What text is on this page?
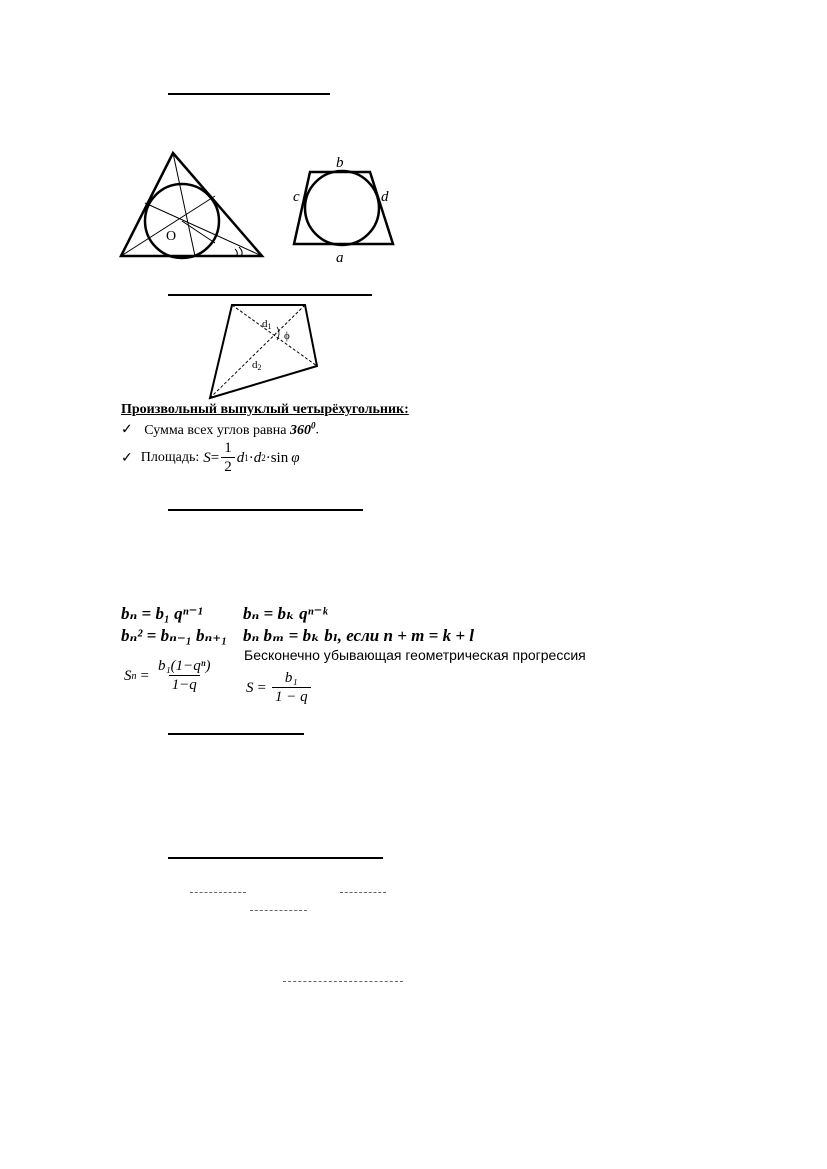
O
b
c	d
a
d1
d2
ϕ
Произвольный выпуклый четырёхугольник:
✓ Сумма всех углов равна $360^0$.
✓ Площадь: $S = \frac{1}{2}$ d 1 · d 2 ·sin φ
bₙ = b₁ qⁿ⁻¹ bₙ = bₖ qⁿ⁻ᵏ
bₙ² = bₙ₋₁ bₙ₊₁ bₙ bₘ = bₖ bₗ, если n + m = k + l
Бесконечно убывающая геометрическая прогрессия
S $n = \frac{\text{b₁(1−qⁿ)}}{1-q}$ $S = \frac{\text{b₁}}{1 - q}$
